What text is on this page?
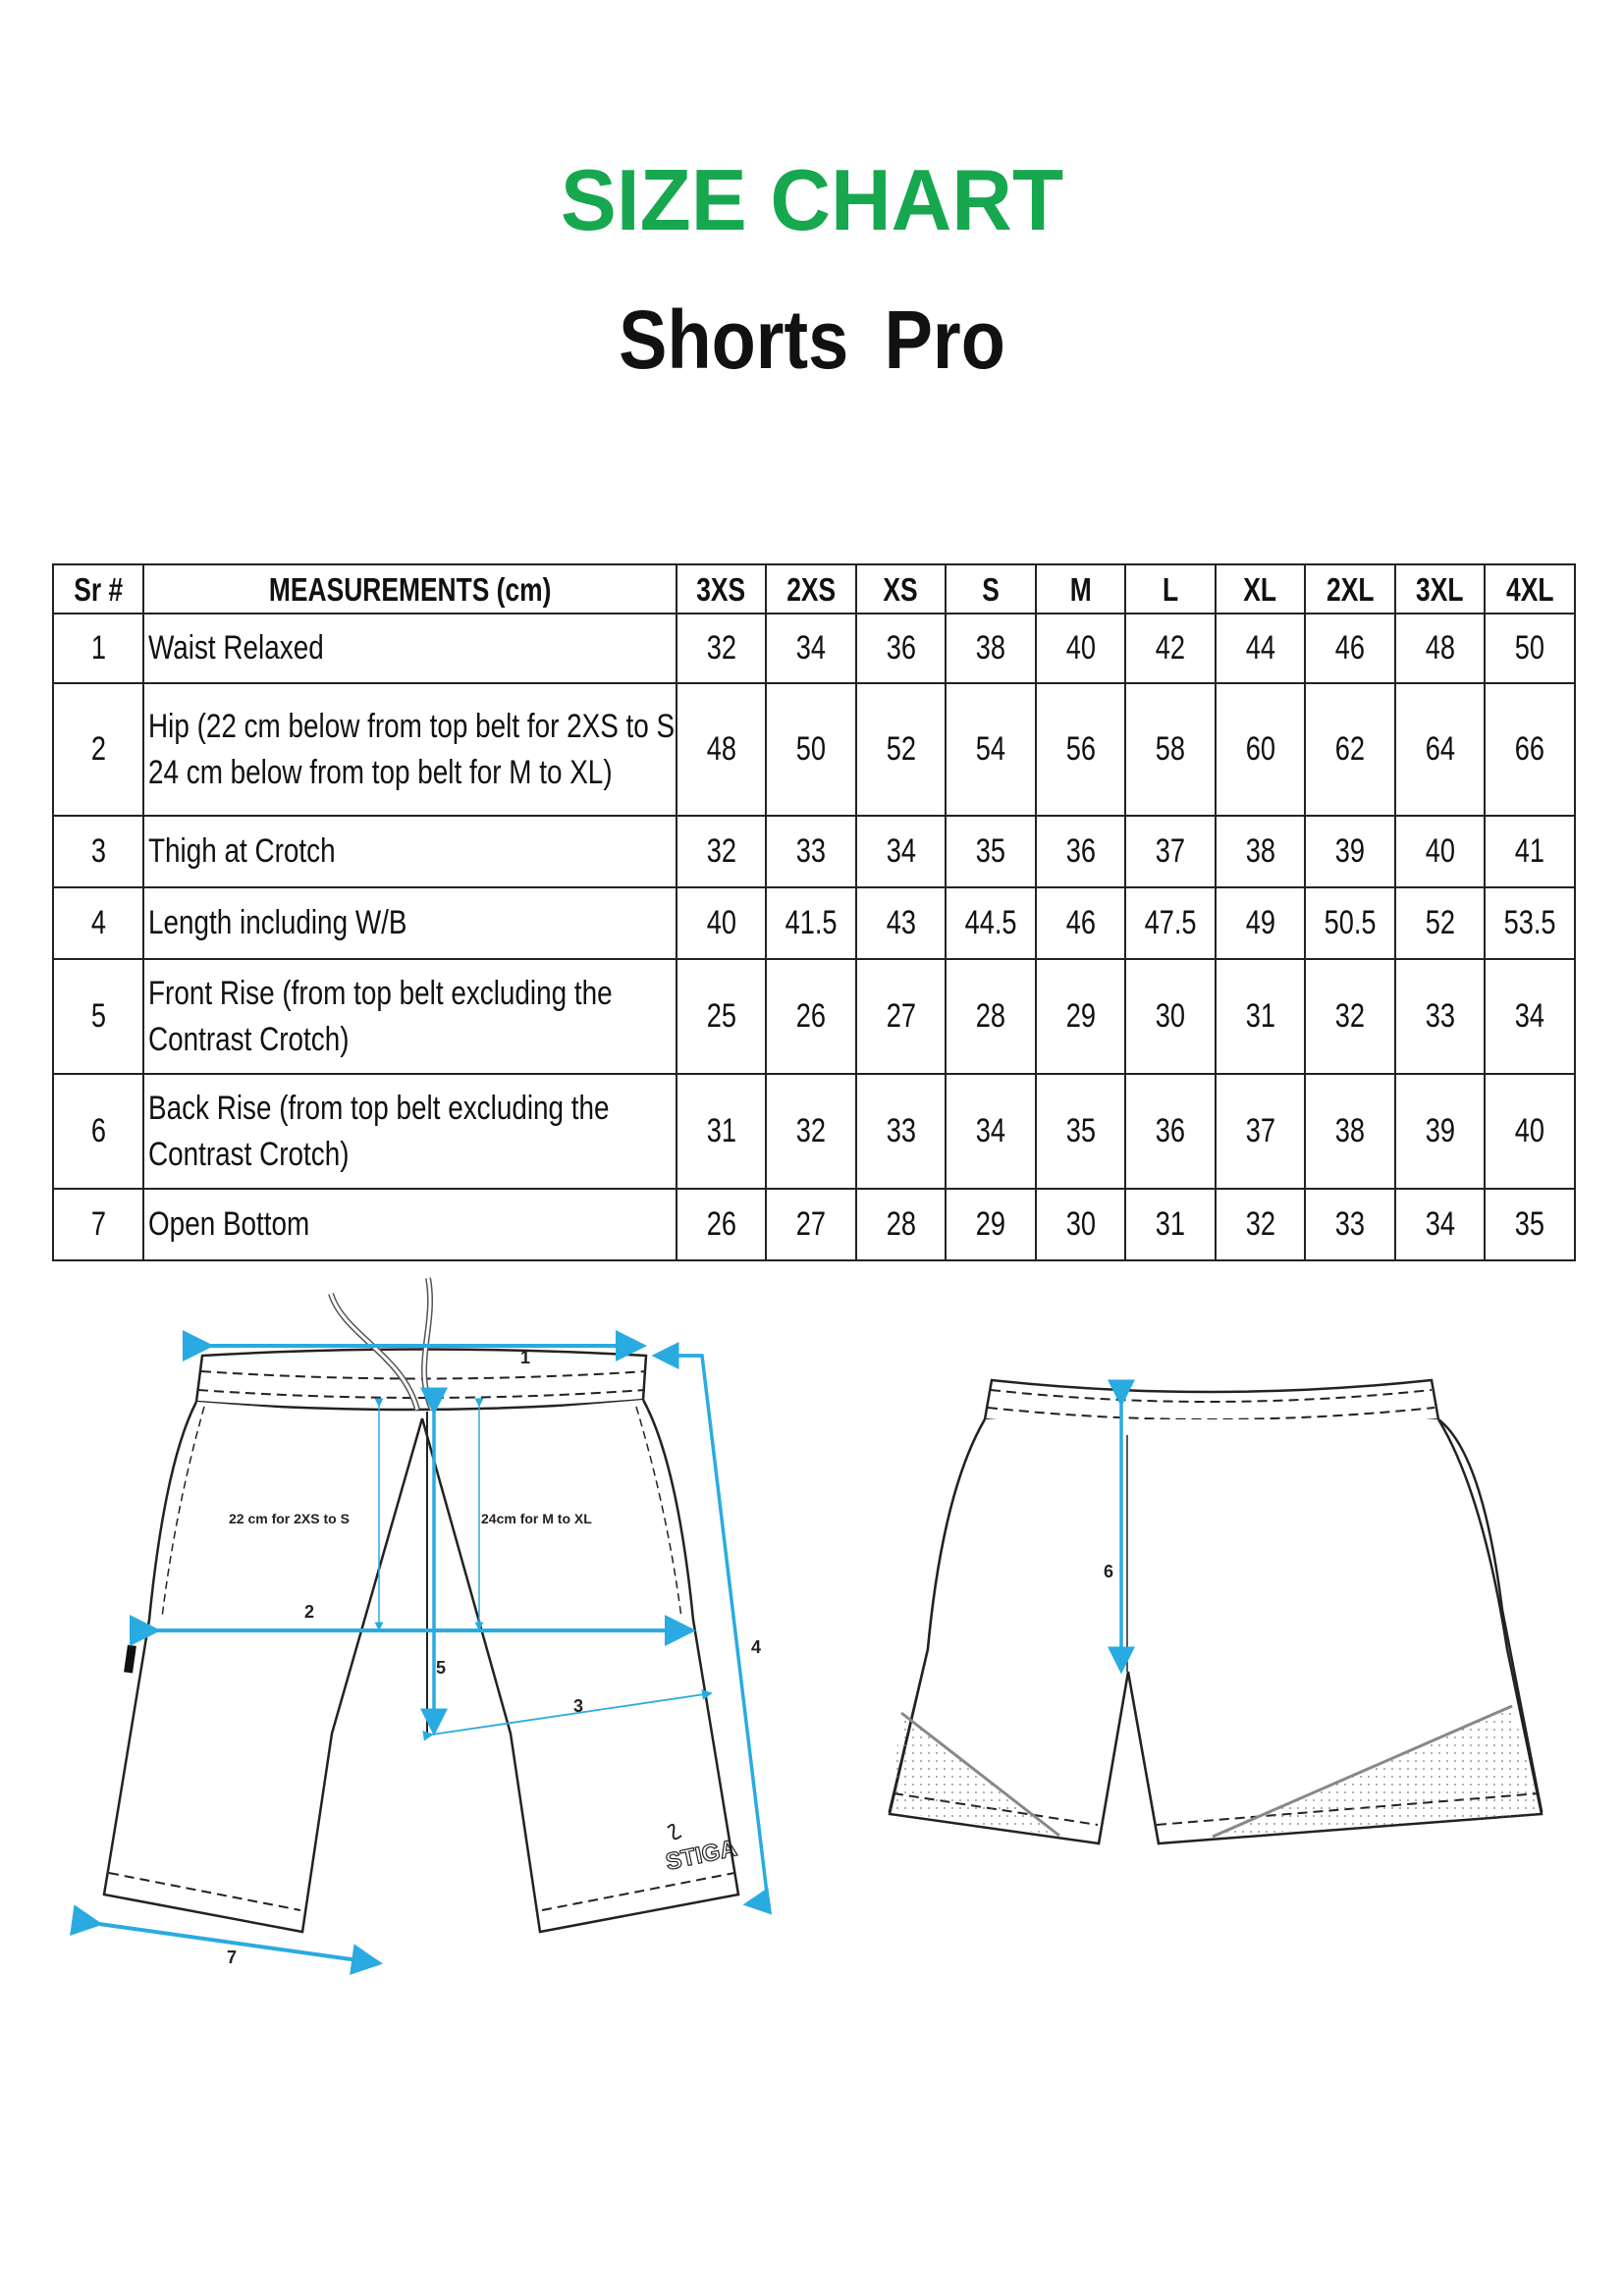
SIZE CHART
Shorts Pro
Sr #	MEASUREMENTS (cm)	3XS	2XS	XS	S	M	L	XL	2XL	3XL	4XL
1	Waist Relaxed	32	34	36	38	40	42	44	46	48	50
2	Hip (22 cm below from top belt for 2XS to S24 cm below from top belt for M to XL)	48	50	52	54	56	58	60	62	64	66
3	Thigh at Crotch	32	33	34	35	36	37	38	39	40	41
4	Length including W/B	40	41.5	43	44.5	46	47.5	49	50.5	52	53.5
5	Front Rise (from top belt excluding theContrast Crotch)	25	26	27	28	29	30	31	32	33	34
6	Back Rise (from top belt excluding theContrast Crotch)	31	32	33	34	35	36	37	38	39	40
7	Open Bottom	26	27	28	29	30	31	32	33	34	35
STIGA
1
2
3
4
5
7
22 cm for 2XS to S	24cm for M to XL
6
